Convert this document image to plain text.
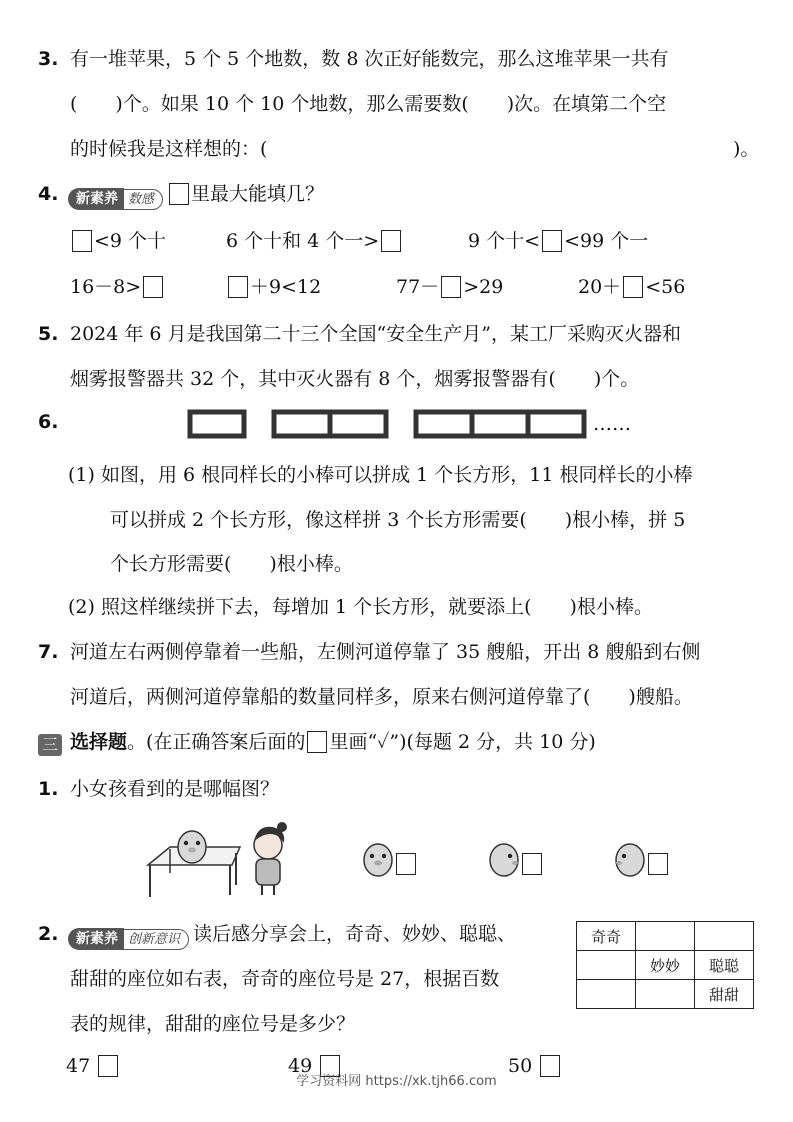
3. 有一堆苹果，5 个 5 个地数，数 8 次正好能数完，那么这堆苹果一共有
(　　)个。如果 10 个 10 个地数，那么需要数(　　)次。在填第二个空
的时候我是这样想的：(	)。
4.	新素养 数感 里最大能填几？
<9 个十	6 个十和 4 个一>	9 个十< <99 个一
16－8>	＋9<12	77－ >29	20＋ <56
5. 2024 年 6 月是我国第二十三个全国“安全生产月”，某工厂采购灭火器和
烟雾报警器共 32 个，其中灭火器有 8 个，烟雾报警器有(　　)个。
6.	……
(1) 如图，用 6 根同样长的小棒可以拼成 1 个长方形，11 根同样长的小棒
可以拼成 2 个长方形，像这样拼 3 个长方形需要(　　)根小棒，拼 5
个长方形需要(　　)根小棒。
(2) 照这样继续拼下去，每增加 1 个长方形，就要添上(　　)根小棒。
7. 河道左右两侧停靠着一些船，左侧河道停靠了 35 艘船，开出 8 艘船到右侧
河道后，两侧河道停靠船的数量同样多，原来右侧河道停靠了(　　)艘船。
三 选择题。(在正确答案后面的 里画“✓”)(每题 2 分，共 10 分)
1. 小女孩看到的是哪幅图？
2.	新素养 创新意识 读后感分享会上，奇奇、妙妙、聪聪、
甜甜的座位如右表，奇奇的座位号是 27，根据百数
表的规律，甜甜的座位号是多少？
奇奇		
	妙妙	聪聪
		甜甜
47	49	50
学习资料网 https://xk.tjh66.com
